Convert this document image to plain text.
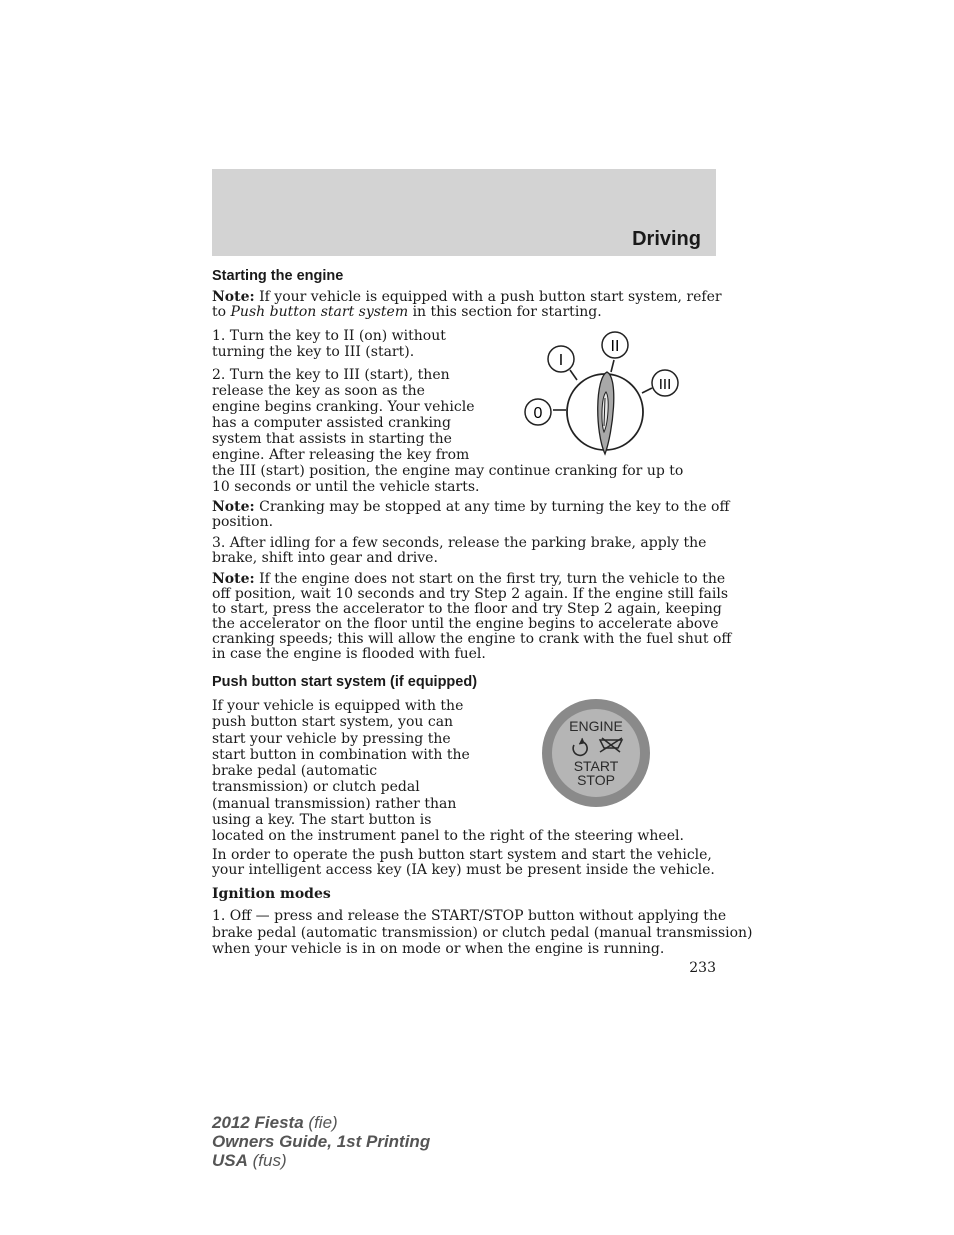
Driving
Starting the engine
Note: If your vehicle is equipped with a push button start system, refer
to Push button start system in this section for starting.
1. Turn the key to II (on) without
turning the key to III (start).
2. Turn the key to III (start), then
release the key as soon as the
engine begins cranking. Your vehicle
has a computer assisted cranking
system that assists in starting the
engine. After releasing the key from
the III (start) position, the engine may continue cranking for up to
10 seconds or until the vehicle starts.
I
II
III
0
Note: Cranking may be stopped at any time by turning the key to the off
position.
3. After idling for a few seconds, release the parking brake, apply the
brake, shift into gear and drive.
Note: If the engine does not start on the first try, turn the vehicle to the
off position, wait 10 seconds and try Step 2 again. If the engine still fails
to start, press the accelerator to the floor and try Step 2 again, keeping
the accelerator on the floor until the engine begins to accelerate above
cranking speeds; this will allow the engine to crank with the fuel shut off
in case the engine is flooded with fuel.
Push button start system (if equipped)
If your vehicle is equipped with the
push button start system, you can
start your vehicle by pressing the
start button in combination with the
brake pedal (automatic
transmission) or clutch pedal
(manual transmission) rather than
using a key. The start button is
located on the instrument panel to the right of the steering wheel.
ENGINE
START
STOP
In order to operate the push button start system and start the vehicle,
your intelligent access key (IA key) must be present inside the vehicle.
Ignition modes
1. Off — press and release the START/STOP button without applying the
brake pedal (automatic transmission) or clutch pedal (manual transmission)
when your vehicle is in on mode or when the engine is running.
233
2012 Fiesta (fie)
Owners Guide, 1st Printing
USA (fus)
